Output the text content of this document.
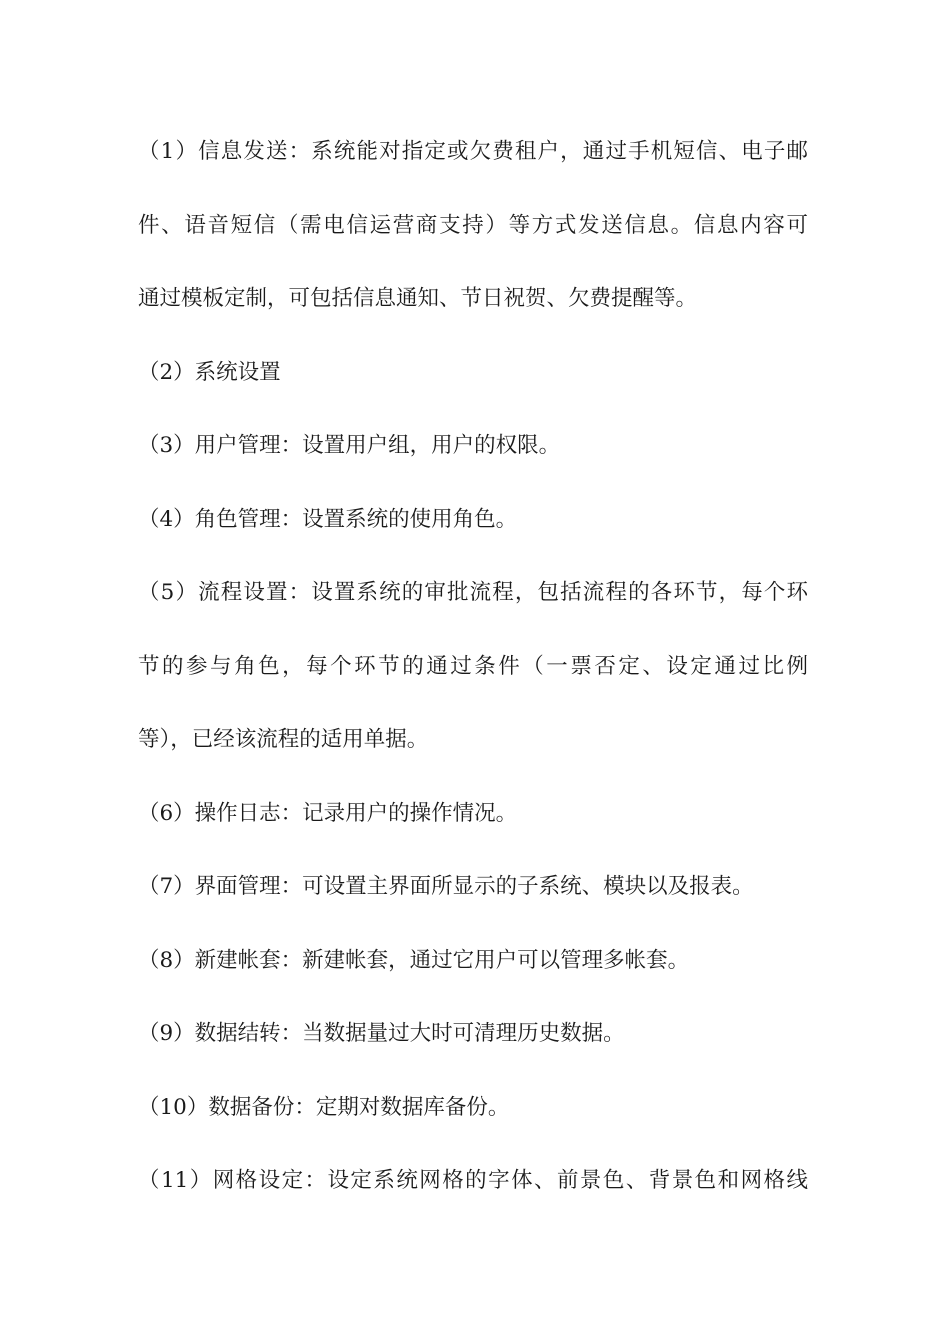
（1）信息发送：系统能对指定或欠费租户，通过手机短信、电子邮
件、语音短信（需电信运营商支持）等方式发送信息。信息内容可
通过模板定制，可包括信息通知、节日祝贺、欠费提醒等。
（2）系统设置
（3）用户管理：设置用户组，用户的权限。
（4）角色管理：设置系统的使用角色。
（5）流程设置：设置系统的审批流程，包括流程的各环节，每个环
节的参与角色，每个环节的通过条件（一票否定、设定通过比例
等），已经该流程的适用单据。
（6）操作日志：记录用户的操作情况。
（7）界面管理：可设置主界面所显示的子系统、模块以及报表。
（8）新建帐套：新建帐套，通过它用户可以管理多帐套。
（9）数据结转：当数据量过大时可清理历史数据。
（10）数据备份：定期对数据库备份。
（11）网格设定：设定系统网格的字体、前景色、背景色和网格线
